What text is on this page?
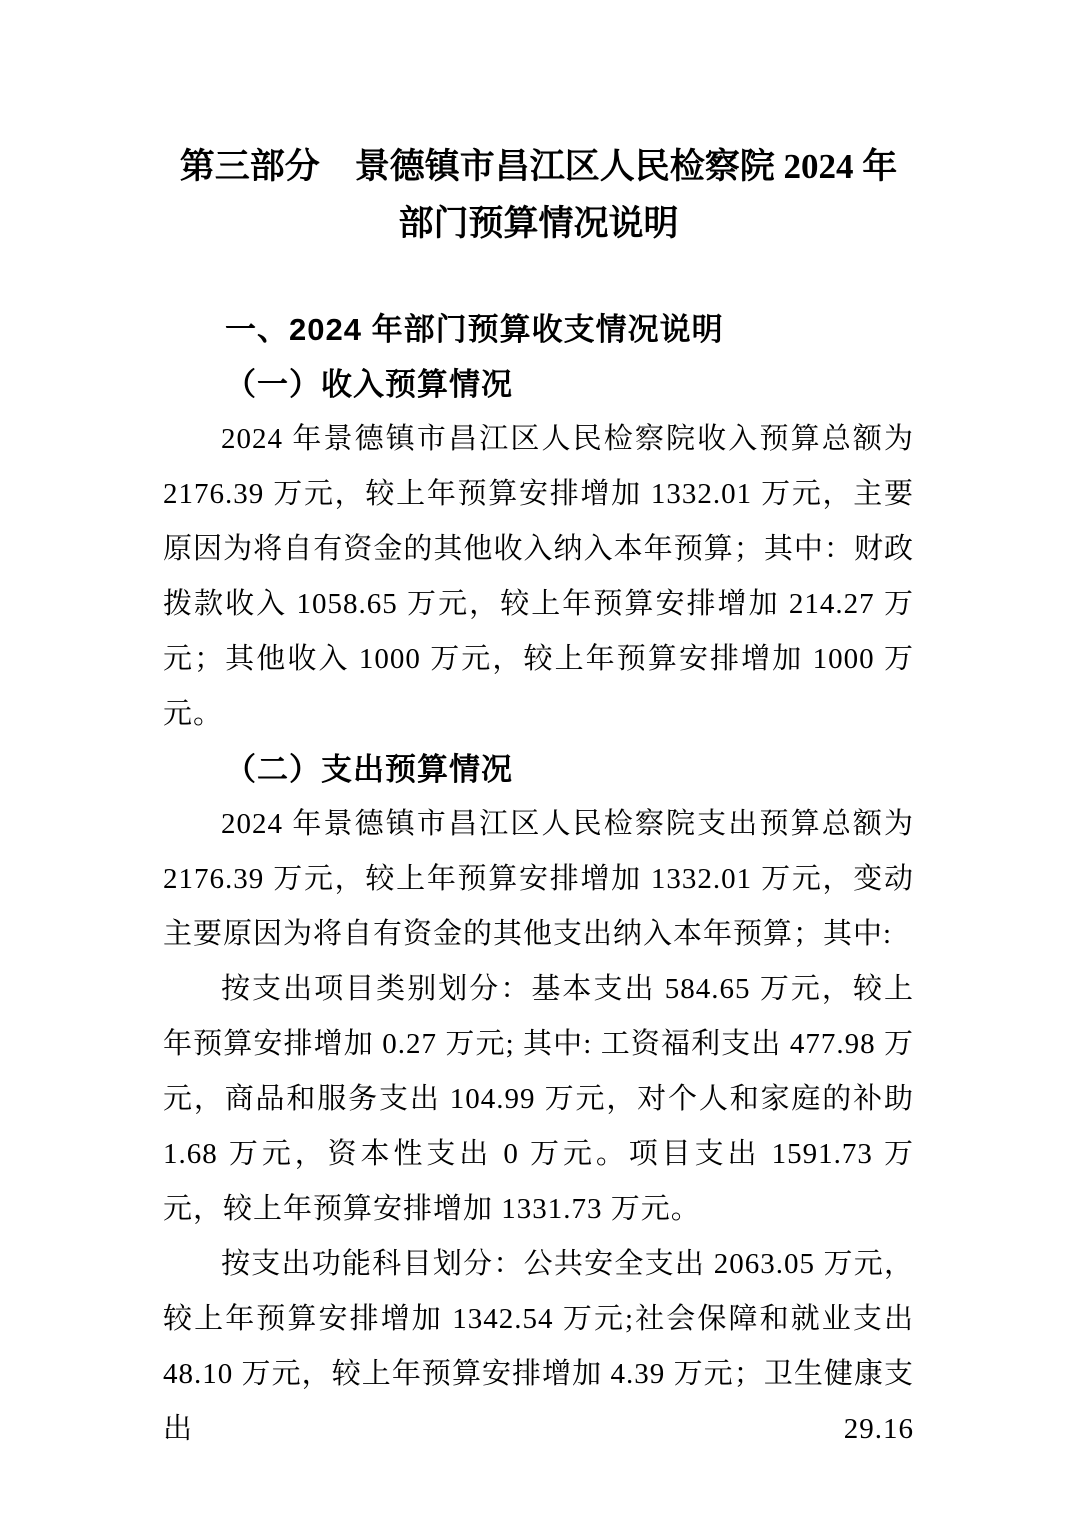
第三部分　景德镇市昌江区人民检察院 2024 年部门预算情况说明
一、2024 年部门预算收支情况说明
（一）收入预算情况

2024 年景德镇市昌江区人民检察院收入预算总额为 2176.39 万元，较上年预算安排增加 1332.01 万元，主要原因为将自有资金的其他收入纳入本年预算；其中：财政拨款收入 1058.65 万元，较上年预算安排增加 214.27 万元；其他收入 1000 万元，较上年预算安排增加 1000 万元。

（二）支出预算情况

2024 年景德镇市昌江区人民检察院支出预算总额为 2176.39 万元，较上年预算安排增加 1332.01 万元，变动主要原因为将自有资金的其他支出纳入本年预算；其中:

按支出项目类别划分：基本支出 584.65 万元，较上年预算安排增加 0.27 万元; 其中: 工资福利支出 477.98 万元，商品和服务支出 104.99 万元，对个人和家庭的补助 1.68 万元，资本性支出 0 万元。项目支出 1591.73 万元，较上年预算安排增加 1331.73 万元。

按支出功能科目划分：公共安全支出 2063.05 万元，较上年预算安排增加 1342.54 万元;社会保障和就业支出 48.10 万元，较上年预算安排增加 4.39 万元；卫生健康支出 29.16
